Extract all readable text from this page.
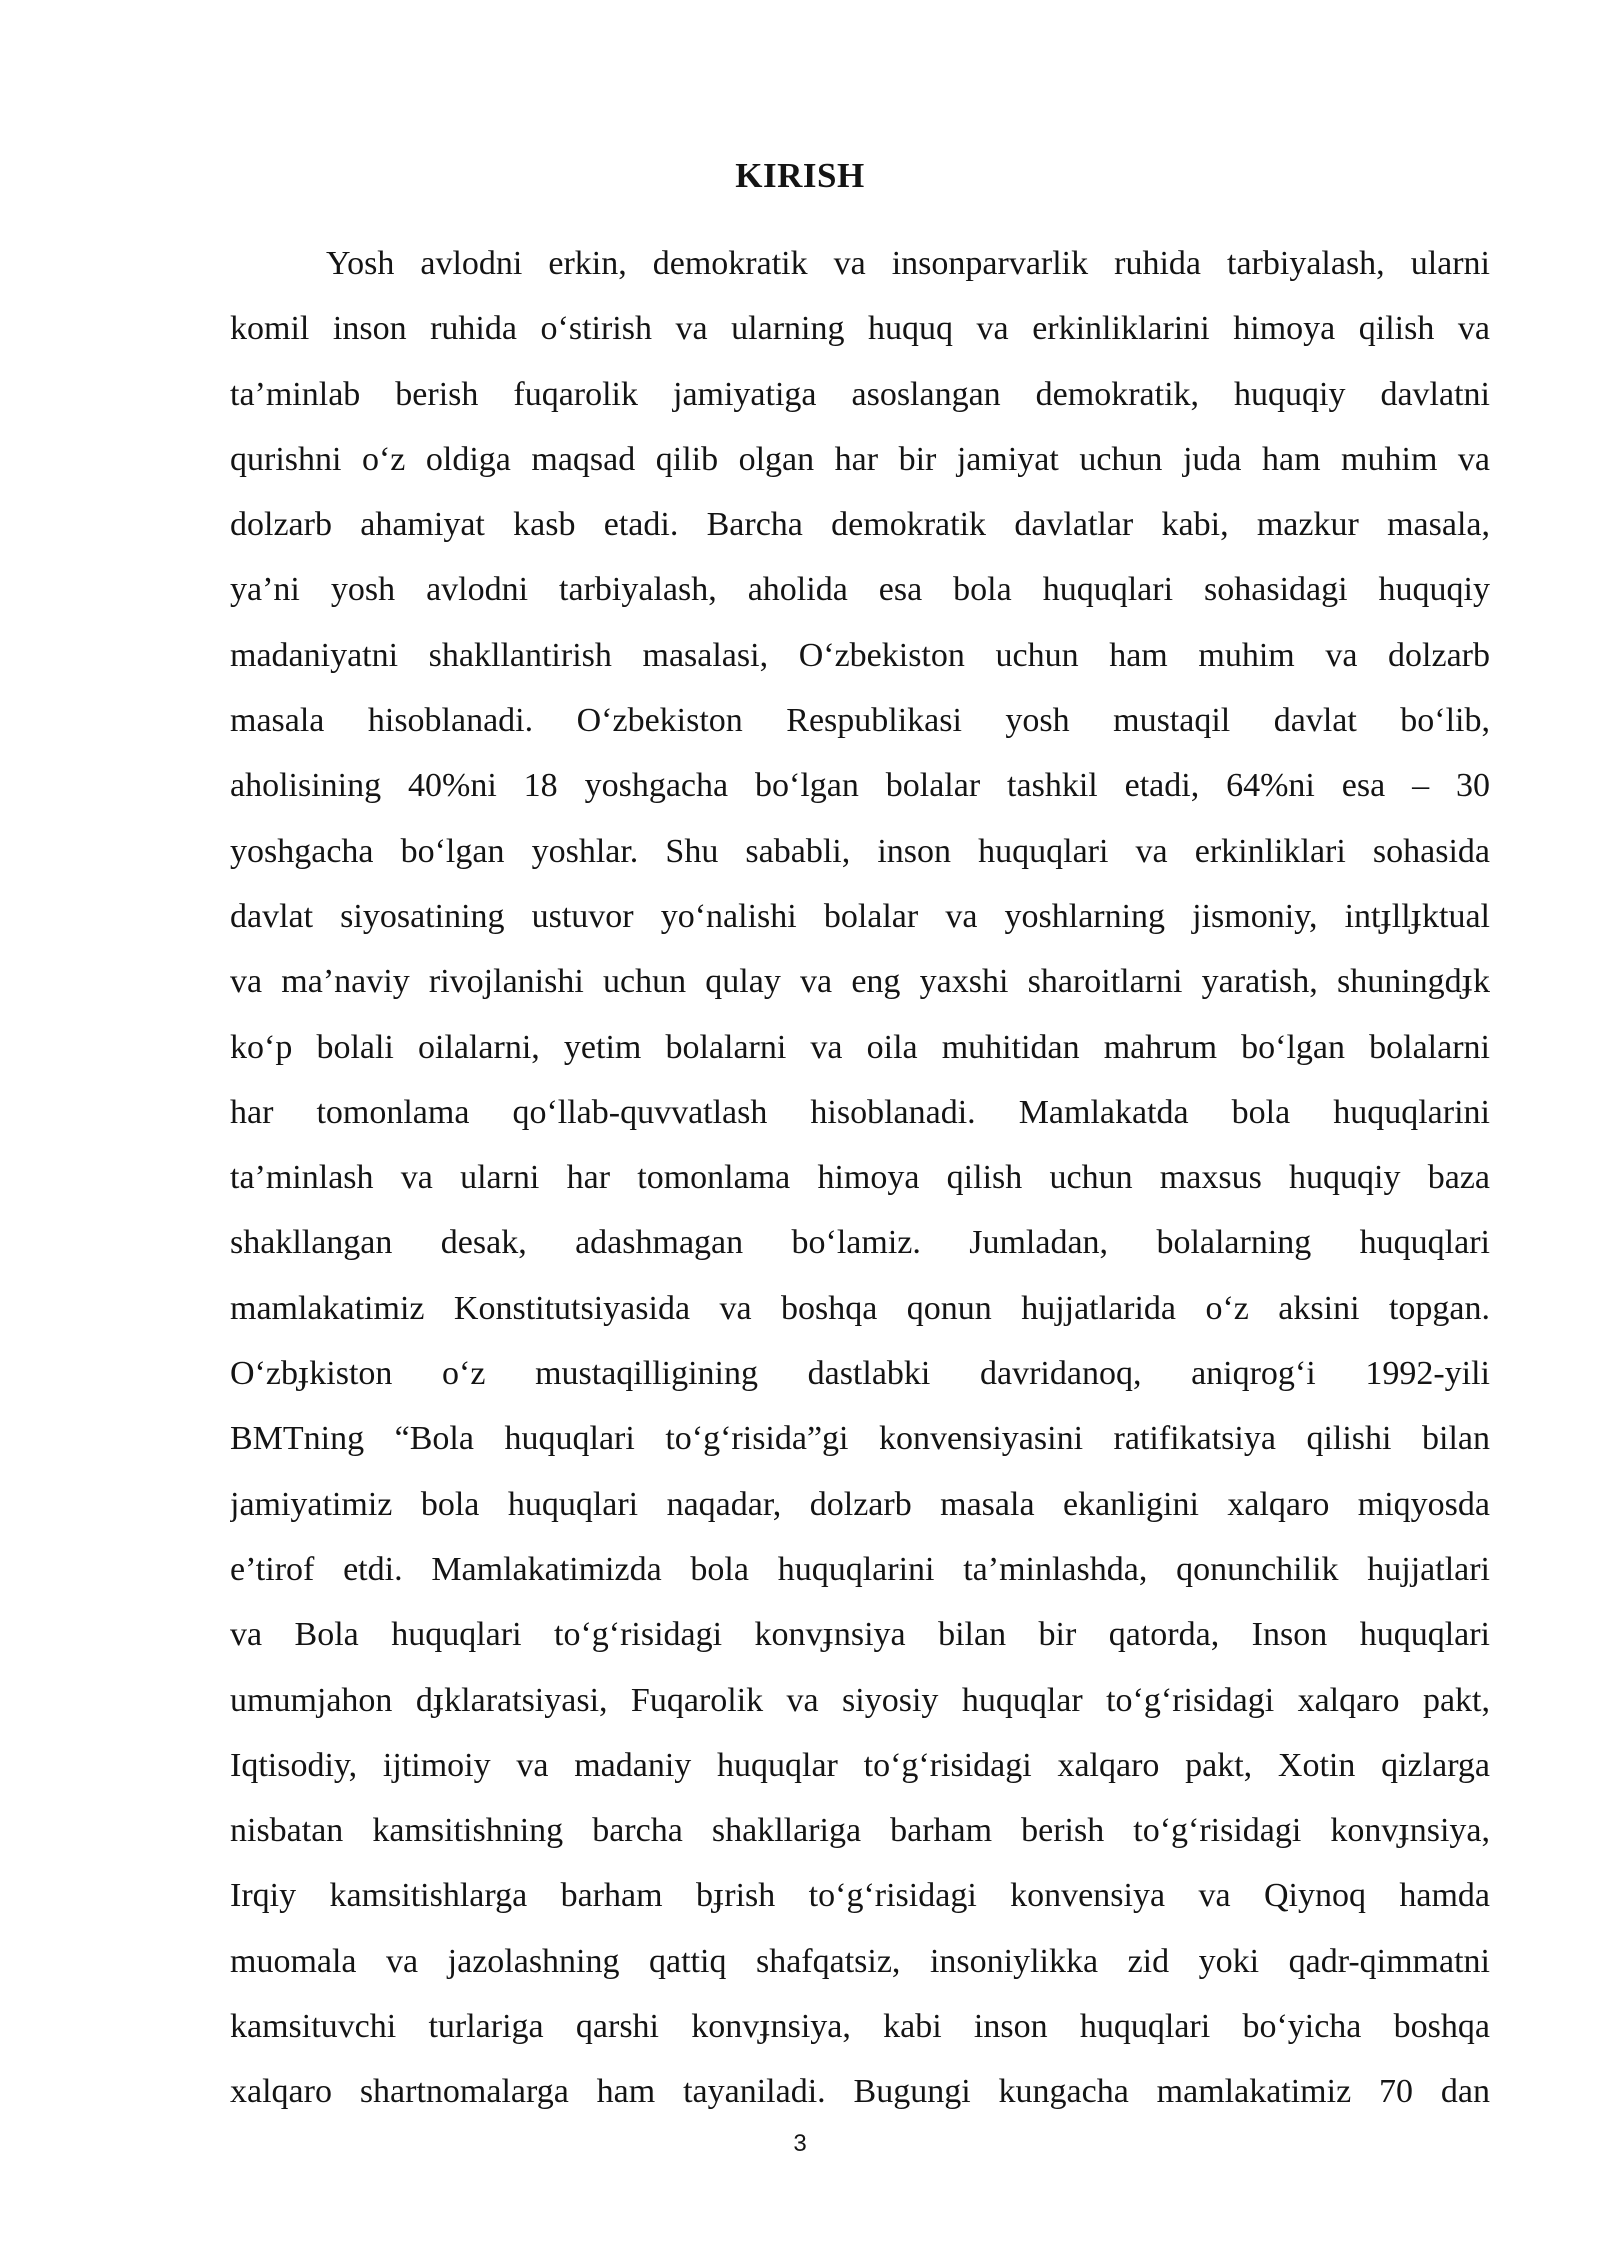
KIRISH
Yosh avlodni erkin, demokratik va insonparvarlik ruhida tarbiyalash, ularni
komil inson ruhida o‘stirish va ularning huquq va erkinliklarini himoya qilish va
ta’minlab berish fuqarolik jamiyatiga asoslangan demokratik, huquqiy davlatni
qurishni o‘z oldiga maqsad qilib olgan har bir jamiyat uchun juda ham muhim va
dolzarb ahamiyat kasb etadi. Barcha demokratik davlatlar kabi, mazkur masala,
ya’ni yosh avlodni tarbiyalash, aholida esa bola huquqlari sohasidagi huquqiy
madaniyatni shakllantirish masalasi, O‘zbekiston uchun ham muhim va dolzarb
masala hisoblanadi. O‘zbekiston Respublikasi yosh mustaqil davlat bo‘lib,
aholisining 40%ni 18 yoshgacha bo‘lgan bolalar tashkil etadi, 64%ni esa – 30
yoshgacha bo‘lgan yoshlar. Shu sababli, inson huquqlari va erkinliklari sohasida
davlat siyosatining ustuvor yo‘nalishi bolalar va yoshlarning jismoniy, intɟllɟktual
va ma’naviy rivojlanishi uchun qulay va eng yaxshi sharoitlarni yaratish, shuningdɟk
ko‘p bolali oilalarni, yetim bolalarni va oila muhitidan mahrum bo‘lgan bolalarni
har tomonlama qo‘llab-quvvatlash hisoblanadi. Mamlakatda bola huquqlarini
ta’minlash va ularni har tomonlama himoya qilish uchun maxsus huquqiy baza
shakllangan desak, adashmagan bo‘lamiz. Jumladan, bolalarning huquqlari
mamlakatimiz Konstitutsiyasida va boshqa qonun hujjatlarida o‘z aksini topgan.
O‘zbɟkiston o‘z mustaqilligining dastlabki davridanoq, aniqrog‘i 1992-yili
BMTning “Bola huquqlari to‘g‘risida”gi konvensiyasini ratifikatsiya qilishi bilan
jamiyatimiz bola huquqlari naqadar, dolzarb masala ekanligini xalqaro miqyosda
e’tirof etdi. Mamlakatimizda bola huquqlarini ta’minlashda, qonunchilik hujjatlari
va Bola huquqlari to‘g‘risidagi konvɟnsiya bilan bir qatorda, Inson huquqlari
umumjahon dɟklaratsiyasi, Fuqarolik va siyosiy huquqlar to‘g‘risidagi xalqaro pakt,
Iqtisodiy, ijtimoiy va madaniy huquqlar to‘g‘risidagi xalqaro pakt, Xotin qizlarga
nisbatan kamsitishning barcha shakllariga barham berish to‘g‘risidagi konvɟnsiya,
Irqiy kamsitishlarga barham bɟrish to‘g‘risidagi konvensiya va Qiynoq hamda
muomala va jazolashning qattiq shafqatsiz, insoniylikka zid yoki qadr-qimmatni
kamsituvchi turlariga qarshi konvɟnsiya, kabi inson huquqlari bo‘yicha boshqa
xalqaro shartnomalarga ham tayaniladi. Bugungi kungacha mamlakatimiz 70 dan
3
